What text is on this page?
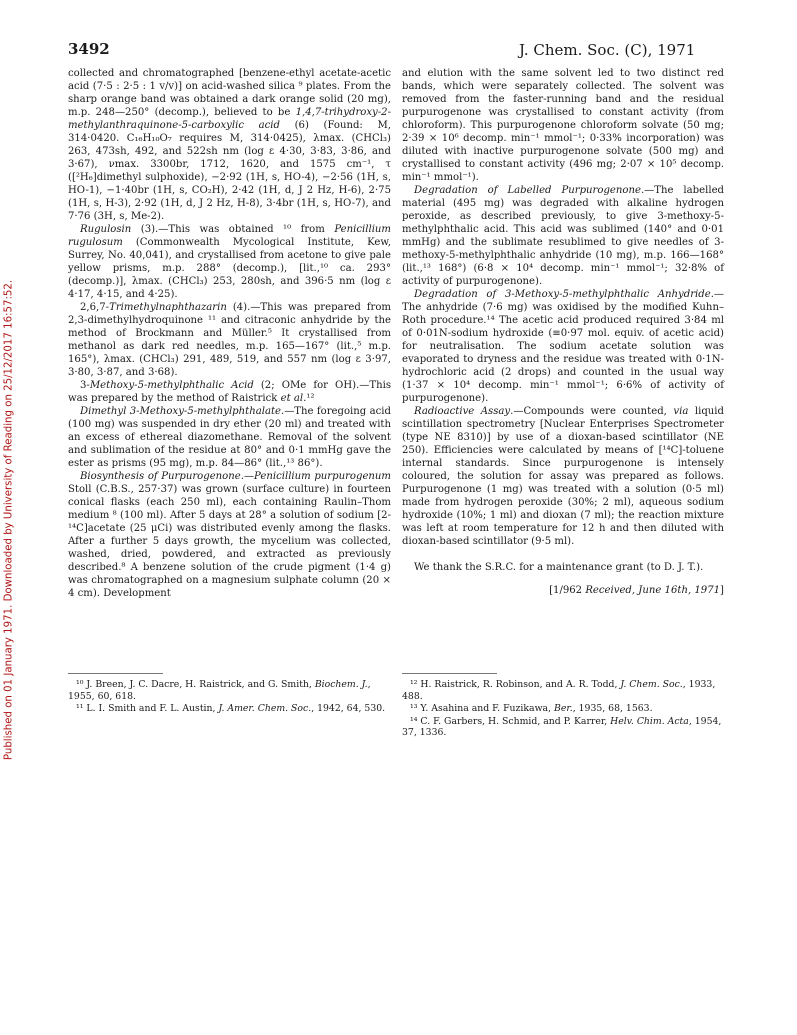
Published on 01 January 1971. Downloaded by University of Reading on 25/12/2017 16:57:52.
3492	J. Chem. Soc. (C), 1971

collected and chromatographed [benzene-ethyl acetate-acetic acid (7·5 : 2·5 : 1 v/v)] on acid-washed silica ⁹ plates. From the sharp orange band was obtained a dark orange solid (20 mg), m.p. 248—250° (decomp.), believed to be 1,4,7-trihydroxy-2-methylanthraquinone-5-carboxylic acid (6) (Found: M, 314·0420. C₁₆H₁₀O₇ requires M, 314·0425), λmax. (CHCl₃) 263, 473sh, 492, and 522sh nm (log ε 4·30, 3·83, 3·86, and 3·67), νmax. 3300br, 1712, 1620, and 1575 cm⁻¹, τ ([²H₆]dimethyl sulphoxide), −2·92 (1H, s, HO-4), −2·56 (1H, s, HO-1), −1·40br (1H, s, CO₂H), 2·42 (1H, d, J 2 Hz, H-6), 2·75 (1H, s, H-3), 2·92 (1H, d, J 2 Hz, H-8), 3·4br (1H, s, HO-7), and 7·76 (3H, s, Me-2).

Rugulosin (3).—This was obtained ¹⁰ from Penicillium rugulosum (Commonwealth Mycological Institute, Kew, Surrey, No. 40,041), and crystallised from acetone to give pale yellow prisms, m.p. 288° (decomp.), [lit.,¹⁰ ca. 293° (decomp.)], λmax. (CHCl₃) 253, 280sh, and 396·5 nm (log ε 4·17, 4·15, and 4·25).

2,6,7-Trimethylnaphthazarin (4).—This was prepared from 2,3-dimethylhydroquinone ¹¹ and citraconic anhydride by the method of Brockmann and Müller.⁵ It crystallised from methanol as dark red needles, m.p. 165—167° (lit.,⁵ m.p. 165°), λmax. (CHCl₃) 291, 489, 519, and 557 nm (log ε 3·97, 3·80, 3·87, and 3·68).

3-Methoxy-5-methylphthalic Acid (2; OMe for OH).—This was prepared by the method of Raistrick et al.¹²

Dimethyl 3-Methoxy-5-methylphthalate.—The foregoing acid (100 mg) was suspended in dry ether (20 ml) and treated with an excess of ethereal diazomethane. Removal of the solvent and sublimation of the residue at 80° and 0·1 mmHg gave the ester as prisms (95 mg), m.p. 84—86° (lit.,¹³ 86°).

Biosynthesis of Purpurogenone.—Penicillium purpurogenum Stoll (C.B.S., 257·37) was grown (surface culture) in fourteen conical flasks (each 250 ml), each containing Raulin–Thom medium ⁸ (100 ml). After 5 days at 28° a solution of sodium [2-¹⁴C]acetate (25 μCi) was distributed evenly among the flasks. After a further 5 days growth, the mycelium was collected, washed, dried, powdered, and extracted as previously described.⁸ A benzene solution of the crude pigment (1·4 g) was chromatographed on a magnesium sulphate column (20 × 4 cm). Development

and elution with the same solvent led to two distinct red bands, which were separately collected. The solvent was removed from the faster-running band and the residual purpurogenone was crystallised to constant activity (from chloroform). This purpurogenone chloroform solvate (50 mg; 2·39 × 10⁶ decomp. min⁻¹ mmol⁻¹; 0·33% incorporation) was diluted with inactive purpurogenone solvate (500 mg) and crystallised to constant activity (496 mg; 2·07 × 10⁵ decomp. min⁻¹ mmol⁻¹).

Degradation of Labelled Purpurogenone.—The labelled material (495 mg) was degraded with alkaline hydrogen peroxide, as described previously, to give 3-methoxy-5-methylphthalic acid. This acid was sublimed (140° and 0·01 mmHg) and the sublimate resublimed to give needles of 3-methoxy-5-methylphthalic anhydride (10 mg), m.p. 166—168° (lit.,¹³ 168°) (6·8 × 10⁴ decomp. min⁻¹ mmol⁻¹; 32·8% of activity of purpurogenone).

Degradation of 3-Methoxy-5-methylphthalic Anhydride.—The anhydride (7·6 mg) was oxidised by the modified Kuhn–Roth procedure.¹⁴ The acetic acid produced required 3·84 ml of 0·01N-sodium hydroxide (≡0·97 mol. equiv. of acetic acid) for neutralisation. The sodium acetate solution was evaporated to dryness and the residue was treated with 0·1N-hydrochloric acid (2 drops) and counted in the usual way (1·37 × 10⁴ decomp. min⁻¹ mmol⁻¹; 6·6% of activity of purpurogenone).

Radioactive Assay.—Compounds were counted, via liquid scintillation spectrometry [Nuclear Enterprises Spectrometer (type NE 8310)] by use of a dioxan-based scintillator (NE 250). Efficiencies were calculated by means of [¹⁴C]-toluene internal standards. Since purpurogenone is intensely coloured, the solution for assay was prepared as follows. Purpurogenone (1 mg) was treated with a solution (0·5 ml) made from hydrogen peroxide (30%; 2 ml), aqueous sodium hydroxide (10%; 1 ml) and dioxan (7 ml); the reaction mixture was left at room temperature for 12 h and then diluted with dioxan-based scintillator (9·5 ml).

We thank the S.R.C. for a maintenance grant (to D. J. T.).

[1/962 Received, June 16th, 1971]

¹⁰ J. Breen, J. C. Dacre, H. Raistrick, and G. Smith, Biochem. J., 1955, 60, 618.

¹¹ L. I. Smith and F. L. Austin, J. Amer. Chem. Soc., 1942, 64, 530.

¹² H. Raistrick, R. Robinson, and A. R. Todd, J. Chem. Soc., 1933, 488.

¹³ Y. Asahina and F. Fuzikawa, Ber., 1935, 68, 1563.

¹⁴ C. F. Garbers, H. Schmid, and P. Karrer, Helv. Chim. Acta, 1954, 37, 1336.
